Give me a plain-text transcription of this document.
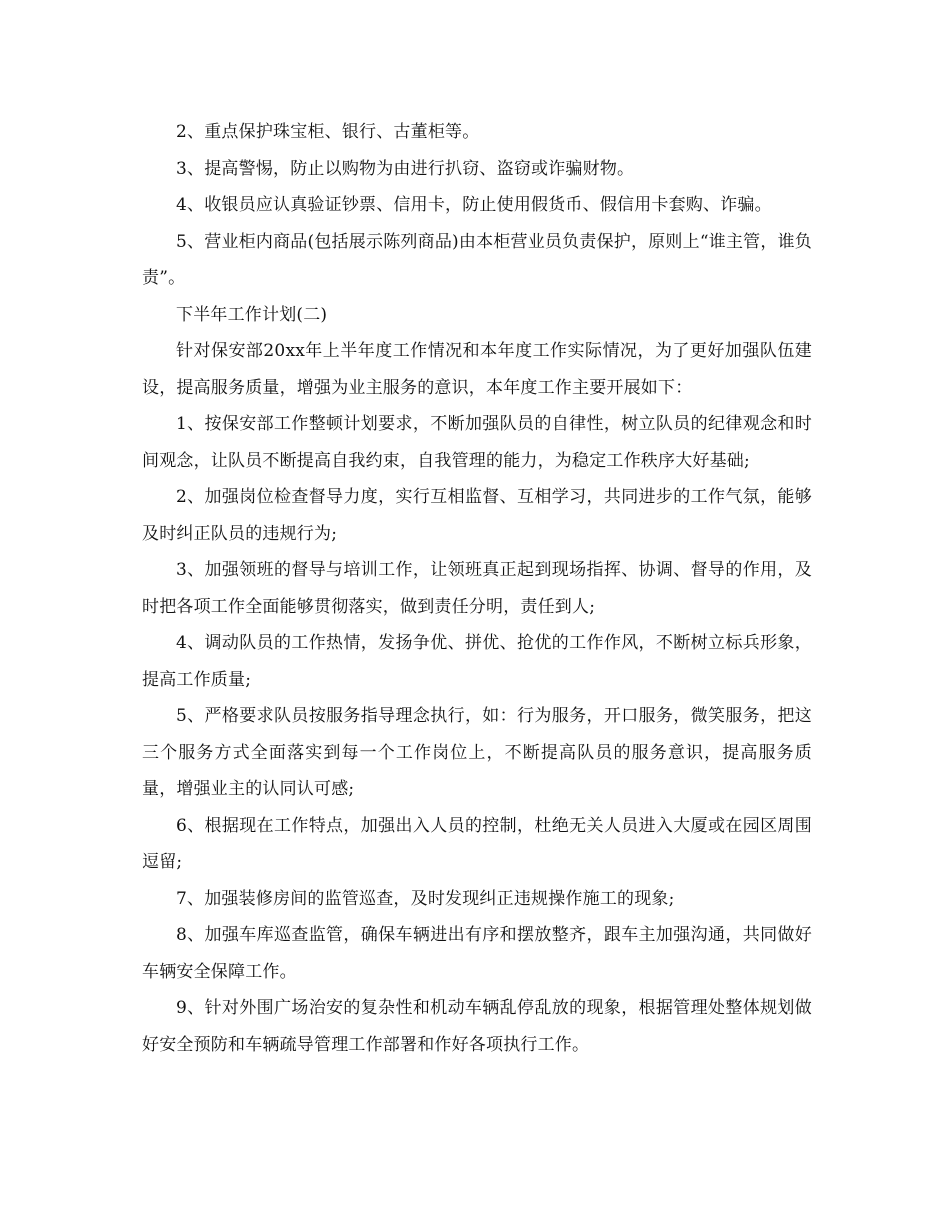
2、重点保护珠宝柜、银行、古董柜等。

3、提高警惕，防止以购物为由进行扒窃、盗窃或诈骗财物。

4、收银员应认真验证钞票、信用卡，防止使用假货币、假信用卡套购、诈骗。

5、营业柜内商品(包括展示陈列商品)由本柜营业员负责保护，原则上“谁主管，谁负责”。

下半年工作计划(二)

针对保安部20xx年上半年度工作情况和本年度工作实际情况，为了更好加强队伍建设，提高服务质量，增强为业主服务的意识，本年度工作主要开展如下：

1、按保安部工作整顿计划要求，不断加强队员的自律性，树立队员的纪律观念和时间观念，让队员不断提高自我约束，自我管理的能力，为稳定工作秩序大好基础;

2、加强岗位检查督导力度，实行互相监督、互相学习，共同进步的工作气氛，能够及时纠正队员的违规行为;

3、加强领班的督导与培训工作，让领班真正起到现场指挥、协调、督导的作用，及时把各项工作全面能够贯彻落实，做到责任分明，责任到人;

4、调动队员的工作热情，发扬争优、拼优、抢优的工作作风，不断树立标兵形象，提高工作质量;

5、严格要求队员按服务指导理念执行，如：行为服务，开口服务，微笑服务，把这三个服务方式全面落实到每一个工作岗位上，不断提高队员的服务意识，提高服务质量，增强业主的认同认可感;

6、根据现在工作特点，加强出入人员的控制，杜绝无关人员进入大厦或在园区周围逗留;

7、加强装修房间的监管巡查，及时发现纠正违规操作施工的现象;

8、加强车库巡查监管，确保车辆进出有序和摆放整齐，跟车主加强沟通，共同做好车辆安全保障工作。

9、针对外围广场治安的复杂性和机动车辆乱停乱放的现象，根据管理处整体规划做好安全预防和车辆疏导管理工作部署和作好各项执行工作。
